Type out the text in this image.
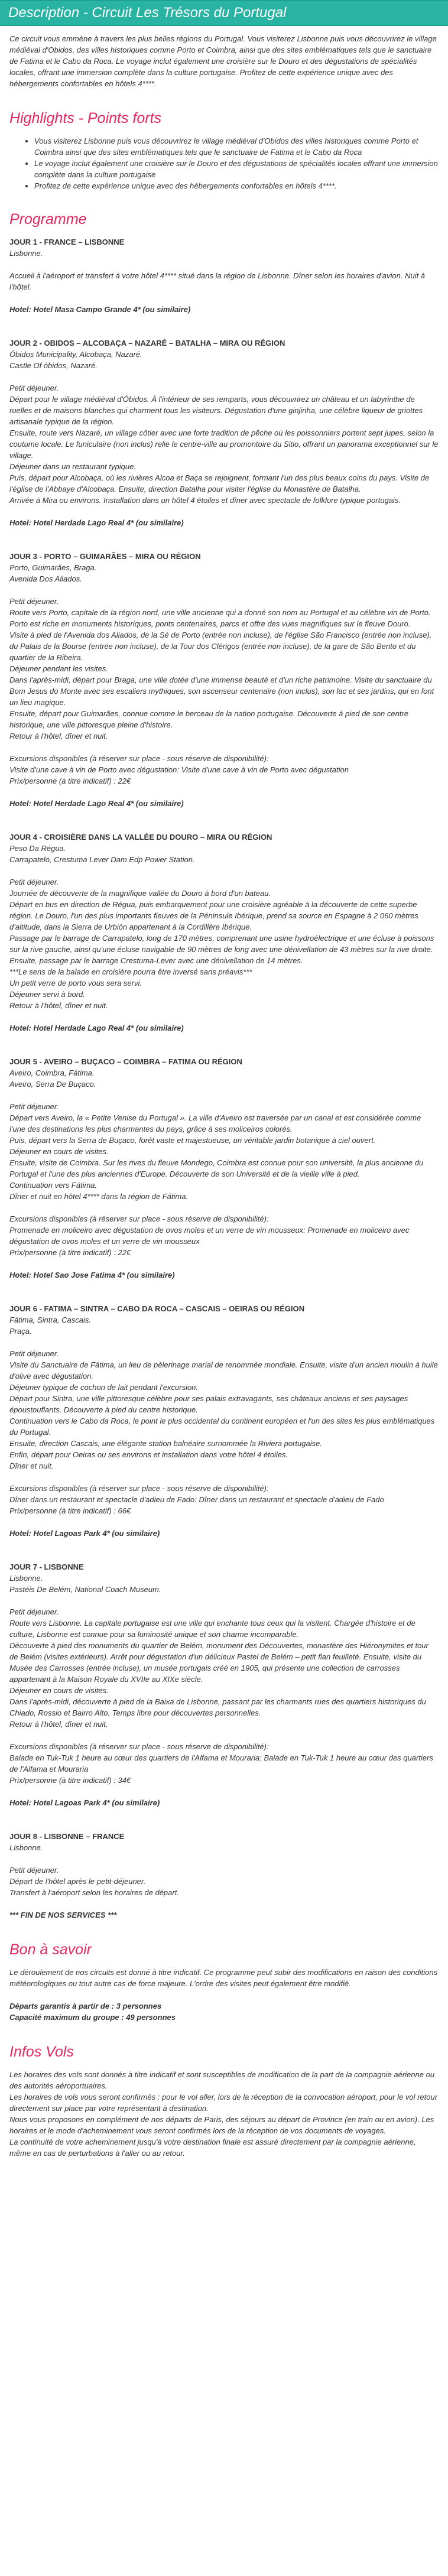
Description - Circuit Les Trésors du Portugal

Ce circuit vous emmène à travers les plus belles régions du Portugal. Vous visiterez Lisbonne puis vous découvrirez le village médiéval d'Obidos, des villes historiques comme Porto et Coimbra, ainsi que des sites emblématiques tels que le sanctuaire de Fatima et le Cabo da Roca. Le voyage inclut également une croisière sur le Douro et des dégustations de spécialités locales, offrant une immersion complète dans la culture portugaise. Profitez de cette expérience unique avec des hébergements confortables en hôtels 4****.

Highlights - Points forts
• Vous visiterez Lisbonne puis vous découvrirez le village médiéval d'Obidos des villes historiques comme Porto et Coimbra ainsi que des sites emblématiques tels que le sanctuaire de Fatima et le Cabo da Roca
• Le voyage inclut également une croisière sur le Douro et des dégustations de spécialités locales offrant une immersion complète dans la culture portugaise
• Profitez de cette expérience unique avec des hébergements confortables en hôtels 4****.
Programme

JOUR 1 - FRANCE – LISBONNE

Lisbonne.

Accueil à l'aéroport et transfert à votre hôtel 4**** situé dans la région de Lisbonne. Dîner selon les horaires d'avion. Nuit à l'hôtel.

Hotel: Hotel Masa Campo Grande 4* (ou similaire)

JOUR 2 - OBIDOS – ALCOBAÇA – NAZARÉ – BATALHA – MIRA OU RÉGION

Óbidos Municipality, Alcobaça, Nazaré.

Castle Of óbidos, Nazaré.

Petit déjeuner.

Départ pour le village médiéval d'Óbidos. À l'intérieur de ses remparts, vous découvrirez un château et un labyrinthe de ruelles et de maisons blanches qui charment tous les visiteurs. Dégustation d'une ginjinha, une célèbre liqueur de griottes artisanale typique de la région.

Ensuite, route vers Nazaré, un village côtier avec une forte tradition de pêche où les poissonniers portent sept jupes, selon la coutume locale. Le funiculaire (non inclus) relie le centre-ville au promontoire du Sitio, offrant un panorama exceptionnel sur le village.

Déjeuner dans un restaurant typique.

Puis, départ pour Alcobaça, où les rivières Alcoa et Baça se rejoignent, formant l'un des plus beaux coins du pays. Visite de l'église de l'Abbaye d'Alcobaça. Ensuite, direction Batalha pour visiter l'église du Monastère de Batalha.

Arrivée à Mira ou environs. Installation dans un hôtel 4 étoiles et dîner avec spectacle de folklore typique portugais.

Hotel: Hotel Herdade Lago Real 4* (ou similaire)

JOUR 3 - PORTO – GUIMARÃES – MIRA OU RÉGION

Porto, Guimarães, Braga.

Avenida Dos Aliados.

Petit déjeuner.

Route vers Porto, capitale de la région nord, une ville ancienne qui a donné son nom au Portugal et au célèbre vin de Porto. Porto est riche en monuments historiques, ponts centenaires, parcs et offre des vues magnifiques sur le fleuve Douro.

Visite à pied de l'Avenida dos Aliados, de la Sé de Porto (entrée non incluse), de l'église São Francisco (entrée non incluse), du Palais de la Bourse (entrée non incluse), de la Tour dos Clérigos (entrée non incluse), de la gare de São Bento et du quartier de la Ribeira.

Déjeuner pendant les visites.

Dans l'après-midi, départ pour Braga, une ville dotée d'une immense beauté et d'un riche patrimoine. Visite du sanctuaire du Bom Jesus do Monte avec ses escaliers mythiques, son ascenseur centenaire (non inclus), son lac et ses jardins, qui en font un lieu magique.

Ensuite, départ pour Guimarães, connue comme le berceau de la nation portugaise. Découverte à pied de son centre historique, une ville pittoresque pleine d'histoire.

Retour à l'hôtel, dîner et nuit.

Excursions disponibles (à réserver sur place - sous réserve de disponibilité):

Visite d'une cave à vin de Porto avec dégustation: Visite d'une cave à vin de Porto avec dégustation

Prix/personne (à titre indicatif) : 22€

Hotel: Hotel Herdade Lago Real 4* (ou similaire)

JOUR 4 - CROISIÈRE DANS LA VALLÉE DU DOURO – MIRA OU RÉGION

Peso Da Régua.

Carrapatelo, Crestuma Lever Dam Edp Power Station.

Petit déjeuner.

Journée de découverte de la magnifique vallée du Douro à bord d'un bateau.

Départ en bus en direction de Régua, puis embarquement pour une croisière agréable à la découverte de cette superbe région. Le Douro, l'un des plus importants fleuves de la Péninsule Ibérique, prend sa source en Espagne à 2 060 mètres d'altitude, dans la Sierra de Urbión appartenant à la Cordillère Ibérique.

Passage par le barrage de Carrapatelo, long de 170 mètres, comprenant une usine hydroélectrique et une écluse à poissons sur la rive gauche, ainsi qu'une écluse navigable de 90 mètres de long avec une dénivellation de 43 mètres sur la rive droite.

Ensuite, passage par le barrage Crestuma-Lever avec une dénivellation de 14 mètres.

***Le sens de la balade en croisière pourra être inversé sans préavis***

Un petit verre de porto vous sera servi.

Déjeuner servi à bord.

Retour à l'hôtel, dîner et nuit.

Hotel: Hotel Herdade Lago Real 4* (ou similaire)

JOUR 5 - AVEIRO – BUÇACO – COIMBRA – FATIMA OU RÉGION

Aveiro, Coimbra, Fátima.

Aveiro, Serra De Buçaco.

Petit déjeuner.

Départ vers Aveiro, la « Petite Venise du Portugal ». La ville d'Aveiro est traversée par un canal et est considérée comme l'une des destinations les plus charmantes du pays, grâce à ses moliceiros colorés.

Puis, départ vers la Serra de Buçaco, forêt vaste et majestueuse, un véritable jardin botanique à ciel ouvert.

Déjeuner en cours de visites.

Ensuite, visite de Coimbra. Sur les rives du fleuve Mondego, Coimbra est connue pour son université, la plus ancienne du Portugal et l'une des plus anciennes d'Europe. Découverte de son Université et de la vieille ville à pied.

Continuation vers Fátima.

Dîner et nuit en hôtel 4**** dans la région de Fátima.

Excursions disponibles (à réserver sur place - sous réserve de disponibilité):

Promenade en moliceiro avec dégustation de ovos moles et un verre de vin mousseux: Promenade en moliceiro avec dégustation de ovos moles et un verre de vin mousseux

Prix/personne (à titre indicatif) : 22€

Hotel: Hotel Sao Jose Fatima 4* (ou similaire)

JOUR 6 - FATIMA – SINTRA – CABO DA ROCA – CASCAIS – OEIRAS OU RÉGION

Fátima, Sintra, Cascais.

Praça.

Petit déjeuner.

Visite du Sanctuaire de Fátima, un lieu de pèlerinage marial de renommée mondiale. Ensuite, visite d'un ancien moulin à huile d'olive avec dégustation.

Déjeuner typique de cochon de lait pendant l'excursion.

Départ pour Sintra, une ville pittoresque célèbre pour ses palais extravagants, ses châteaux anciens et ses paysages époustouflants. Découverte à pied du centre historique.

Continuation vers le Cabo da Roca, le point le plus occidental du continent européen et l'un des sites les plus emblématiques du Portugal.

Ensuite, direction Cascais, une élégante station balnéaire surnommée la Riviera portugaise.

Enfin, départ pour Oeiras ou ses environs et installation dans votre hôtel 4 étoiles.

Dîner et nuit.

Excursions disponibles (à réserver sur place - sous réserve de disponibilité):

Dîner dans un restaurant et spectacle d'adieu de Fado: Dîner dans un restaurant et spectacle d'adieu de Fado

Prix/personne (à titre indicatif) : 66€

Hotel: Hotel Lagoas Park 4* (ou similaire)

JOUR 7 - LISBONNE

Lisbonne.

Pastéis De Belém, National Coach Museum.

Petit déjeuner.

Route vers Lisbonne. La capitale portugaise est une ville qui enchante tous ceux qui la visitent. Chargée d'histoire et de culture, Lisbonne est connue pour sa luminosité unique et son charme incomparable.

Découverte à pied des monuments du quartier de Belém, monument des Découvertes, monastère des Hiéronymites et tour de Belém (visites extérieurs). Arrêt pour dégustation d'un délicieux Pastel de Belém – petit flan feuilleté. Ensuite, visite du Musée des Carrosses (entrée incluse), un musée portugais créé en 1905, qui présente une collection de carrosses appartenant à la Maison Royale du XVIIe au XIXe siècle.

Déjeuner en cours de visites.

Dans l'après-midi, découverte à pied de la Baixa de Lisbonne, passant par les charmants rues des quartiers historiques du Chiado, Rossio et Bairro Alto. Temps libre pour découvertes personnelles.

Retour à l'hôtel, dîner et nuit.

Excursions disponibles (à réserver sur place - sous réserve de disponibilité):

Balade en Tuk-Tuk 1 heure au cœur des quartiers de l'Alfama et Mouraria: Balade en Tuk-Tuk 1 heure au cœur des quartiers de l'Alfama et Mouraria

Prix/personne (à titre indicatif) : 34€

Hotel: Hotel Lagoas Park 4* (ou similaire)

JOUR 8 - LISBONNE – FRANCE

Lisbonne.

Petit déjeuner.

Départ de l'hôtel après le petit-déjeuner.

Transfert à l'aéroport selon les horaires de départ.

*** FIN DE NOS SERVICES ***

Bon à savoir

Le déroulement de nos circuits est donné à titre indicatif. Ce programme peut subir des modifications en raison des conditions météorologiques ou tout autre cas de force majeure. L'ordre des visites peut également être modifié.

Départs garantis à partir de : 3 personnes

Capacité maximum du groupe : 49 personnes

Infos Vols

Les horaires des vols sont donnés à titre indicatif et sont susceptibles de modification de la part de la compagnie aérienne ou des autorités aéroportuaires.

Les horaires de vols vous seront confirmés : pour le vol aller, lors de la réception de la convocation aéroport, pour le vol retour directement sur place par votre représentant à destination.

Nous vous proposons en complément de nos départs de Paris, des séjours au départ de Province (en train ou en avion). Les horaires et le mode d'acheminement vous seront confirmés lors de la réception de vos documents de voyages.

La continuité de votre acheminement jusqu'à votre destination finale est assuré directement par la compagnie aérienne, même en cas de perturbations à l'aller ou au retour.
